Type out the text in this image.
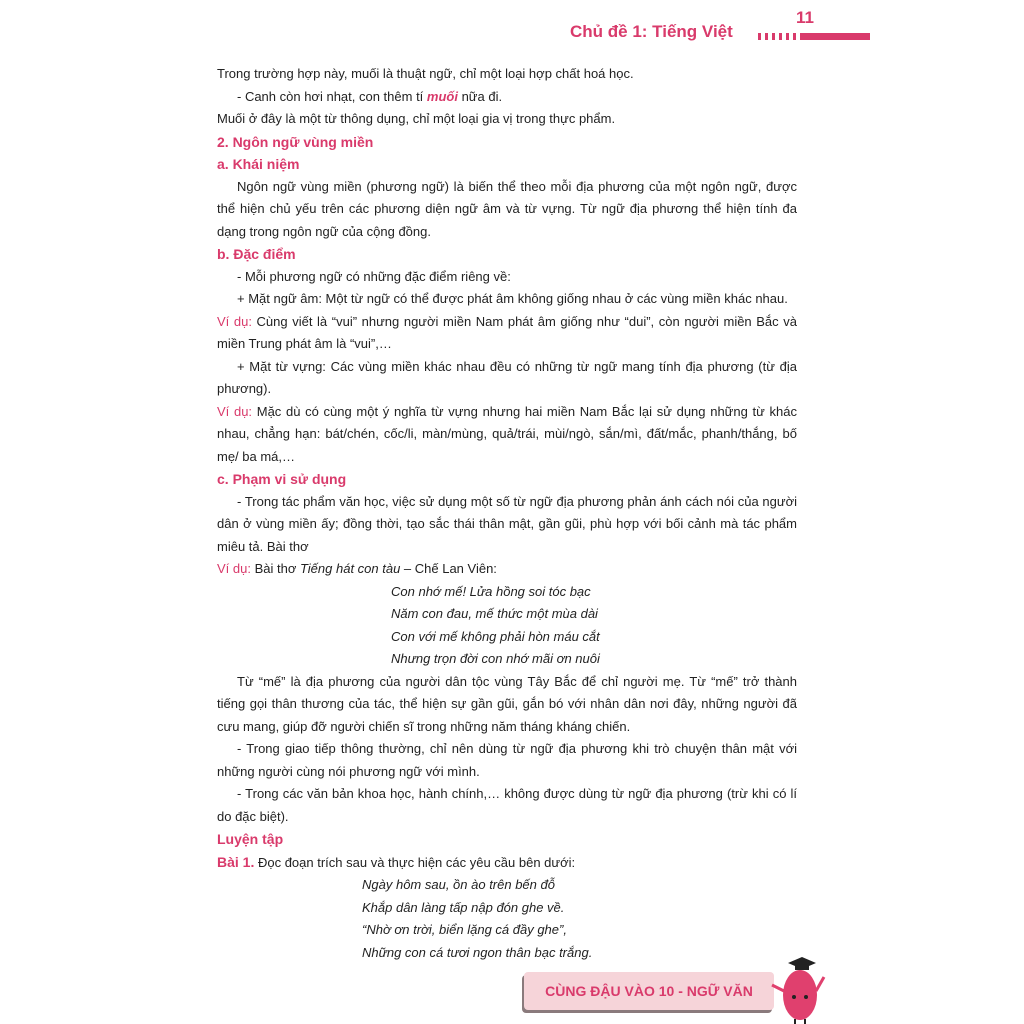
Chủ đề 1: Tiếng Việt
11

Trong trường hợp này, muối là thuật ngữ, chỉ một loại hợp chất hoá học.

- Canh còn hơi nhạt, con thêm tí muối nữa đi.

Muối ở đây là một từ thông dụng, chỉ một loại gia vị trong thực phẩm.

2. Ngôn ngữ vùng miền

a. Khái niệm

Ngôn ngữ vùng miền (phương ngữ) là biến thể theo mỗi địa phương của một ngôn ngữ, được thể hiện chủ yếu trên các phương diện ngữ âm và từ vựng. Từ ngữ địa phương thể hiện tính đa dạng trong ngôn ngữ của cộng đồng.

b. Đặc điểm

- Mỗi phương ngữ có những đặc điểm riêng về:

+ Mặt ngữ âm: Một từ ngữ có thể được phát âm không giống nhau ở các vùng miền khác nhau.

Ví dụ: Cùng viết là “vui” nhưng người miền Nam phát âm giống như “dui”, còn người miền Bắc và miền Trung phát âm là “vui”,…

+ Mặt từ vựng: Các vùng miền khác nhau đều có những từ ngữ mang tính địa phương (từ địa phương).

Ví dụ: Mặc dù có cùng một ý nghĩa từ vựng nhưng hai miền Nam Bắc lại sử dụng những từ khác nhau, chẳng hạn: bát/chén, cốc/li, màn/mùng, quả/trái, mùi/ngò, sắn/mì, đất/mắc, phanh/thắng, bố mẹ/ ba má,…

c. Phạm vi sử dụng

- Trong tác phẩm văn học, việc sử dụng một số từ ngữ địa phương phản ánh cách nói của người dân ở vùng miền ấy; đồng thời, tạo sắc thái thân mật, gần gũi, phù hợp với bối cảnh mà tác phẩm miêu tả. Bài thơ

Ví dụ: Bài thơ Tiếng hát con tàu – Chế Lan Viên:

Con nhớ mế! Lửa hồng soi tóc bạc

Năm con đau, mế thức một mùa dài

Con với mế không phải hòn máu cắt

Nhưng trọn đời con nhớ mãi ơn nuôi

Từ “mế” là địa phương của người dân tộc vùng Tây Bắc để chỉ người mẹ. Từ “mế” trở thành tiếng gọi thân thương của tác, thể hiện sự gần gũi, gắn bó với nhân dân nơi đây, những người đã cưu mang, giúp đỡ người chiến sĩ trong những năm tháng kháng chiến.

- Trong giao tiếp thông thường, chỉ nên dùng từ ngữ địa phương khi trò chuyện thân mật với những người cùng nói phương ngữ với mình.

- Trong các văn bản khoa học, hành chính,… không được dùng từ ngữ địa phương (trừ khi có lí do đặc biệt).

Luyện tập

Bài 1. Đọc đoạn trích sau và thực hiện các yêu cầu bên dưới:

Ngày hôm sau, ồn ào trên bến đỗ

Khắp dân làng tấp nập đón ghe về.

“Nhờ ơn trời, biển lặng cá đầy ghe”,

Những con cá tươi ngon thân bạc trắng.

CÙNG ĐẬU VÀO 10 - NGỮ VĂN
